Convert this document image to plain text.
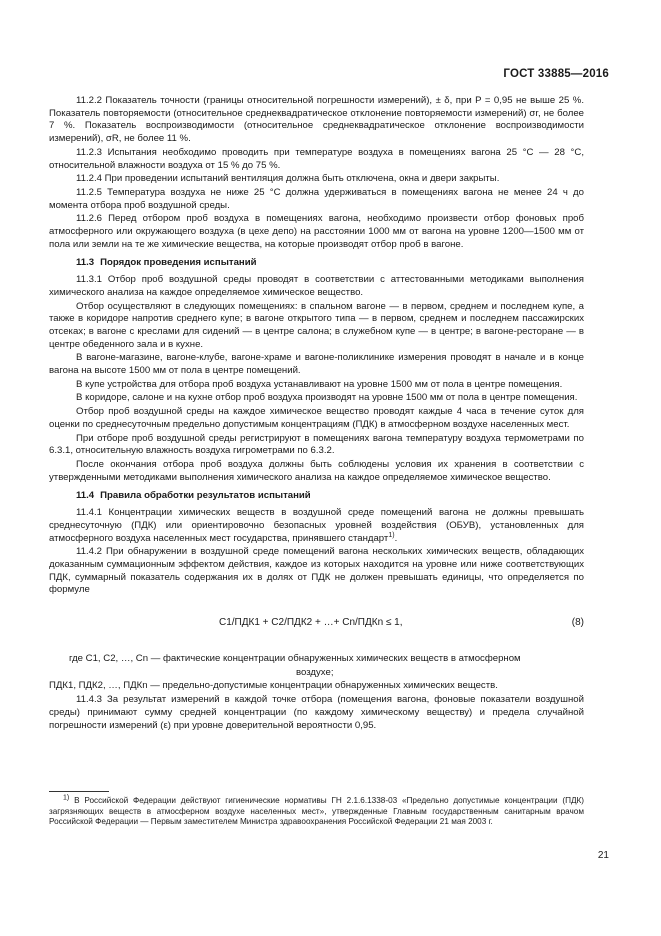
ГОСТ 33885—2016

11.2.2 Показатель точности (границы относительной погрешности измерений), ± δ, при P = 0,95 не выше 25 %. Показатель повторяемости (относительное среднеквадратическое отклонение повторяемости измерений) σr, не более 7 %. Показатель воспроизводимости (относительное среднеквадратическое отклонение воспроизводимости измерений), σR, не более 11 %.

11.2.3 Испытания необходимо проводить при температуре воздуха в помещениях вагона 25 °С — 28 °С, относительной влажности воздуха от 15 % до 75 %.

11.2.4 При проведении испытаний вентиляция должна быть отключена, окна и двери закрыты.

11.2.5 Температура воздуха не ниже 25 °С должна удерживаться в помещениях вагона не менее 24 ч до момента отбора проб воздушной среды.

11.2.6 Перед отбором проб воздуха в помещениях вагона, необходимо произвести отбор фоновых проб атмосферного или окружающего воздуха (в цехе депо) на расстоянии 1000 мм от вагона на уровне 1200—1500 мм от пола или земли на те же химические вещества, на которые производят отбор проб в вагоне.

11.3 Порядок проведения испытаний

11.3.1 Отбор проб воздушной среды проводят в соответствии с аттестованными методиками выполнения химического анализа на каждое определяемое химическое вещество.

Отбор осуществляют в следующих помещениях: в спальном вагоне — в первом, среднем и последнем купе, а также в коридоре напротив среднего купе; в вагоне открытого типа — в первом, среднем и последнем пассажирских отсеках; в вагоне с креслами для сидений — в центре салона; в служебном купе — в центре; в вагоне-ресторане — в центре обеденного зала и в кухне.

В вагоне-магазине, вагоне-клубе, вагоне-храме и вагоне-поликлинике измерения проводят в начале и в конце вагона на высоте 1500 мм от пола в центре помещений.

В купе устройства для отбора проб воздуха устанавливают на уровне 1500 мм от пола в центре помещения.

В коридоре, салоне и на кухне отбор проб воздуха производят на уровне 1500 мм от пола в центре помещения.

Отбор проб воздушной среды на каждое химическое вещество проводят каждые 4 часа в течение суток для оценки по среднесуточным предельно допустимым концентрациям (ПДК) в атмосферном воздухе населенных мест.

При отборе проб воздушной среды регистрируют в помещениях вагона температуру воздуха термометрами по 6.3.1, относительную влажность воздуха гигрометрами по 6.3.2.

После окончания отбора проб воздуха должны быть соблюдены условия их хранения в соответствии с утвержденными методиками выполнения химического анализа на каждое определяемое химическое вещество.

11.4 Правила обработки результатов испытаний

11.4.1 Концентрации химических веществ в воздушной среде помещений вагона не должны превышать среднесуточную (ПДК) или ориентировочно безопасных уровней воздействия (ОБУВ), установленных для атмосферного воздуха населенных мест государства, принявшего стандарт$^{1)}$.

11.4.2 При обнаружении в воздушной среде помещений вагона нескольких химических веществ, обладающих доказанным суммационным эффектом действия, каждое из которых находится на уровне или ниже соответствующих ПДК, суммарный показатель содержания их в долях от ПДК не должен превышать единицы, что определяется по формуле

C1/ПДК1 + C2/ПДК2 + …+ Cn/ПДКn ≤ 1,	(8)

где C1, C2, …, Cn — фактические концентрации обнаруженных химических веществ в атмосферном

воздухе;

ПДК1, ПДК2, …, ПДКn — предельно-допустимые концентрации обнаруженных химических веществ.

11.4.3 За результат измерений в каждой точке отбора (помещения вагона, фоновые показатели воздушной среды) принимают сумму средней концентрации (по каждому химическому веществу) и предела случайной погрешности измерений (ε) при уровне доверительной вероятности 0,95.

$^{1)}$ В Российской Федерации действуют гигиенические нормативы ГН 2.1.6.1338-03 «Предельно допустимые концентрации (ПДК) загрязняющих веществ в атмосферном воздухе населенных мест», утвержденные Главным государственным санитарным врачом Российской Федерации — Первым заместителем Министра здравоохранения Российской Федерации 21 мая 2003 г.
21
